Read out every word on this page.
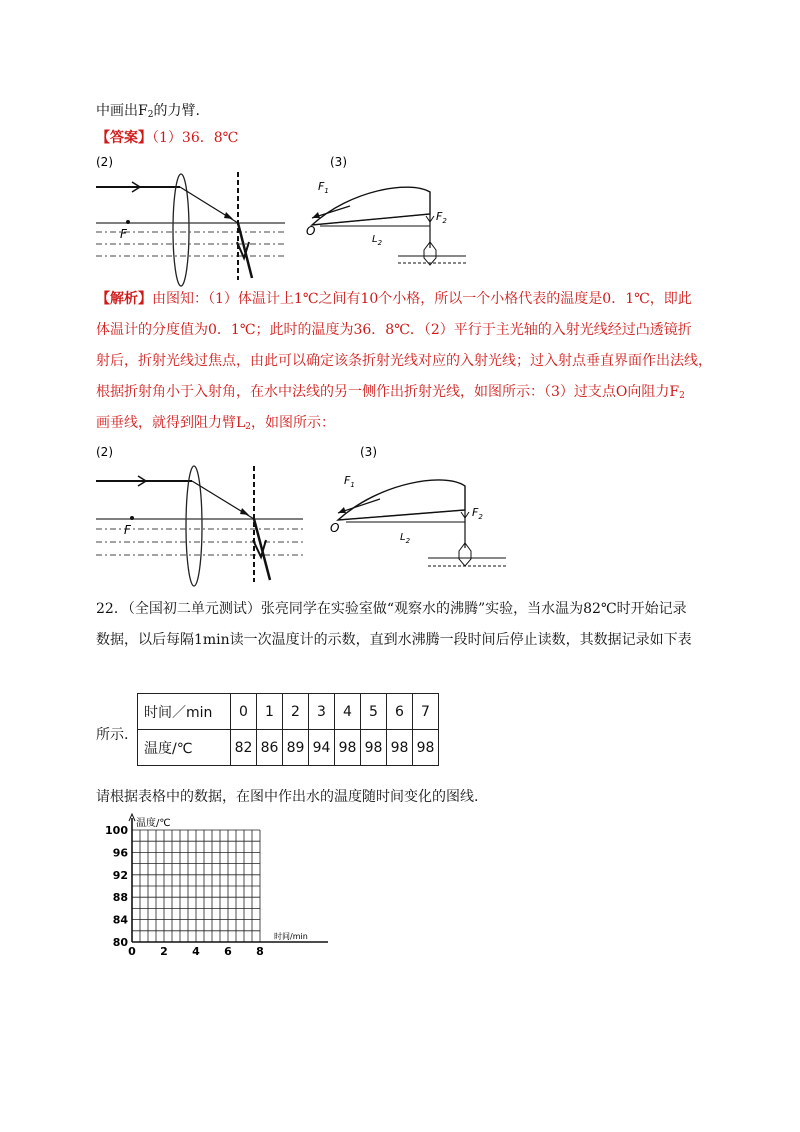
中画出$F_2$的力臂.
【答案】（1）36．8℃
(2)
F
(3)
$F_1$
O
$L_2$
$F_2$
【解析】由图知：（1）体温计上1℃之间有10个小格，所以一个小格代表的温度是0．1℃，即此
体温计的分度值为0．1℃；此时的温度为36．8℃．（2）平行于主光轴的入射光线经过凸透镜折
射后，折射光线过焦点，由此可以确定该条折射光线对应的入射光线；过入射点垂直界面作出法线，
根据折射角小于入射角，在水中法线的另一侧作出折射光线，如图所示：（3）过支点O向阻力$F_2$
画垂线，就得到阻力臂$L_2$，如图所示：
(2)
F
(3)
$F_1$
O
$L_2$
$F_2$
22．（全国初二单元测试）张亮同学在实验室做“观察水的沸腾”实验，当水温为82℃时开始记录
数据，以后每隔1min读一次温度计的示数，直到水沸腾一段时间后停止读数，其数据记录如下表
所示.
时间／min	0	1	2	3	4	5	6	7
温度/℃	82	86	89	94	98	98	98	98
请根据表格中的数据，在图中作出水的温度随时间变化的图线.
温度/℃
时间/min
100
96
92
88
84
80
0 2 4 6 8
